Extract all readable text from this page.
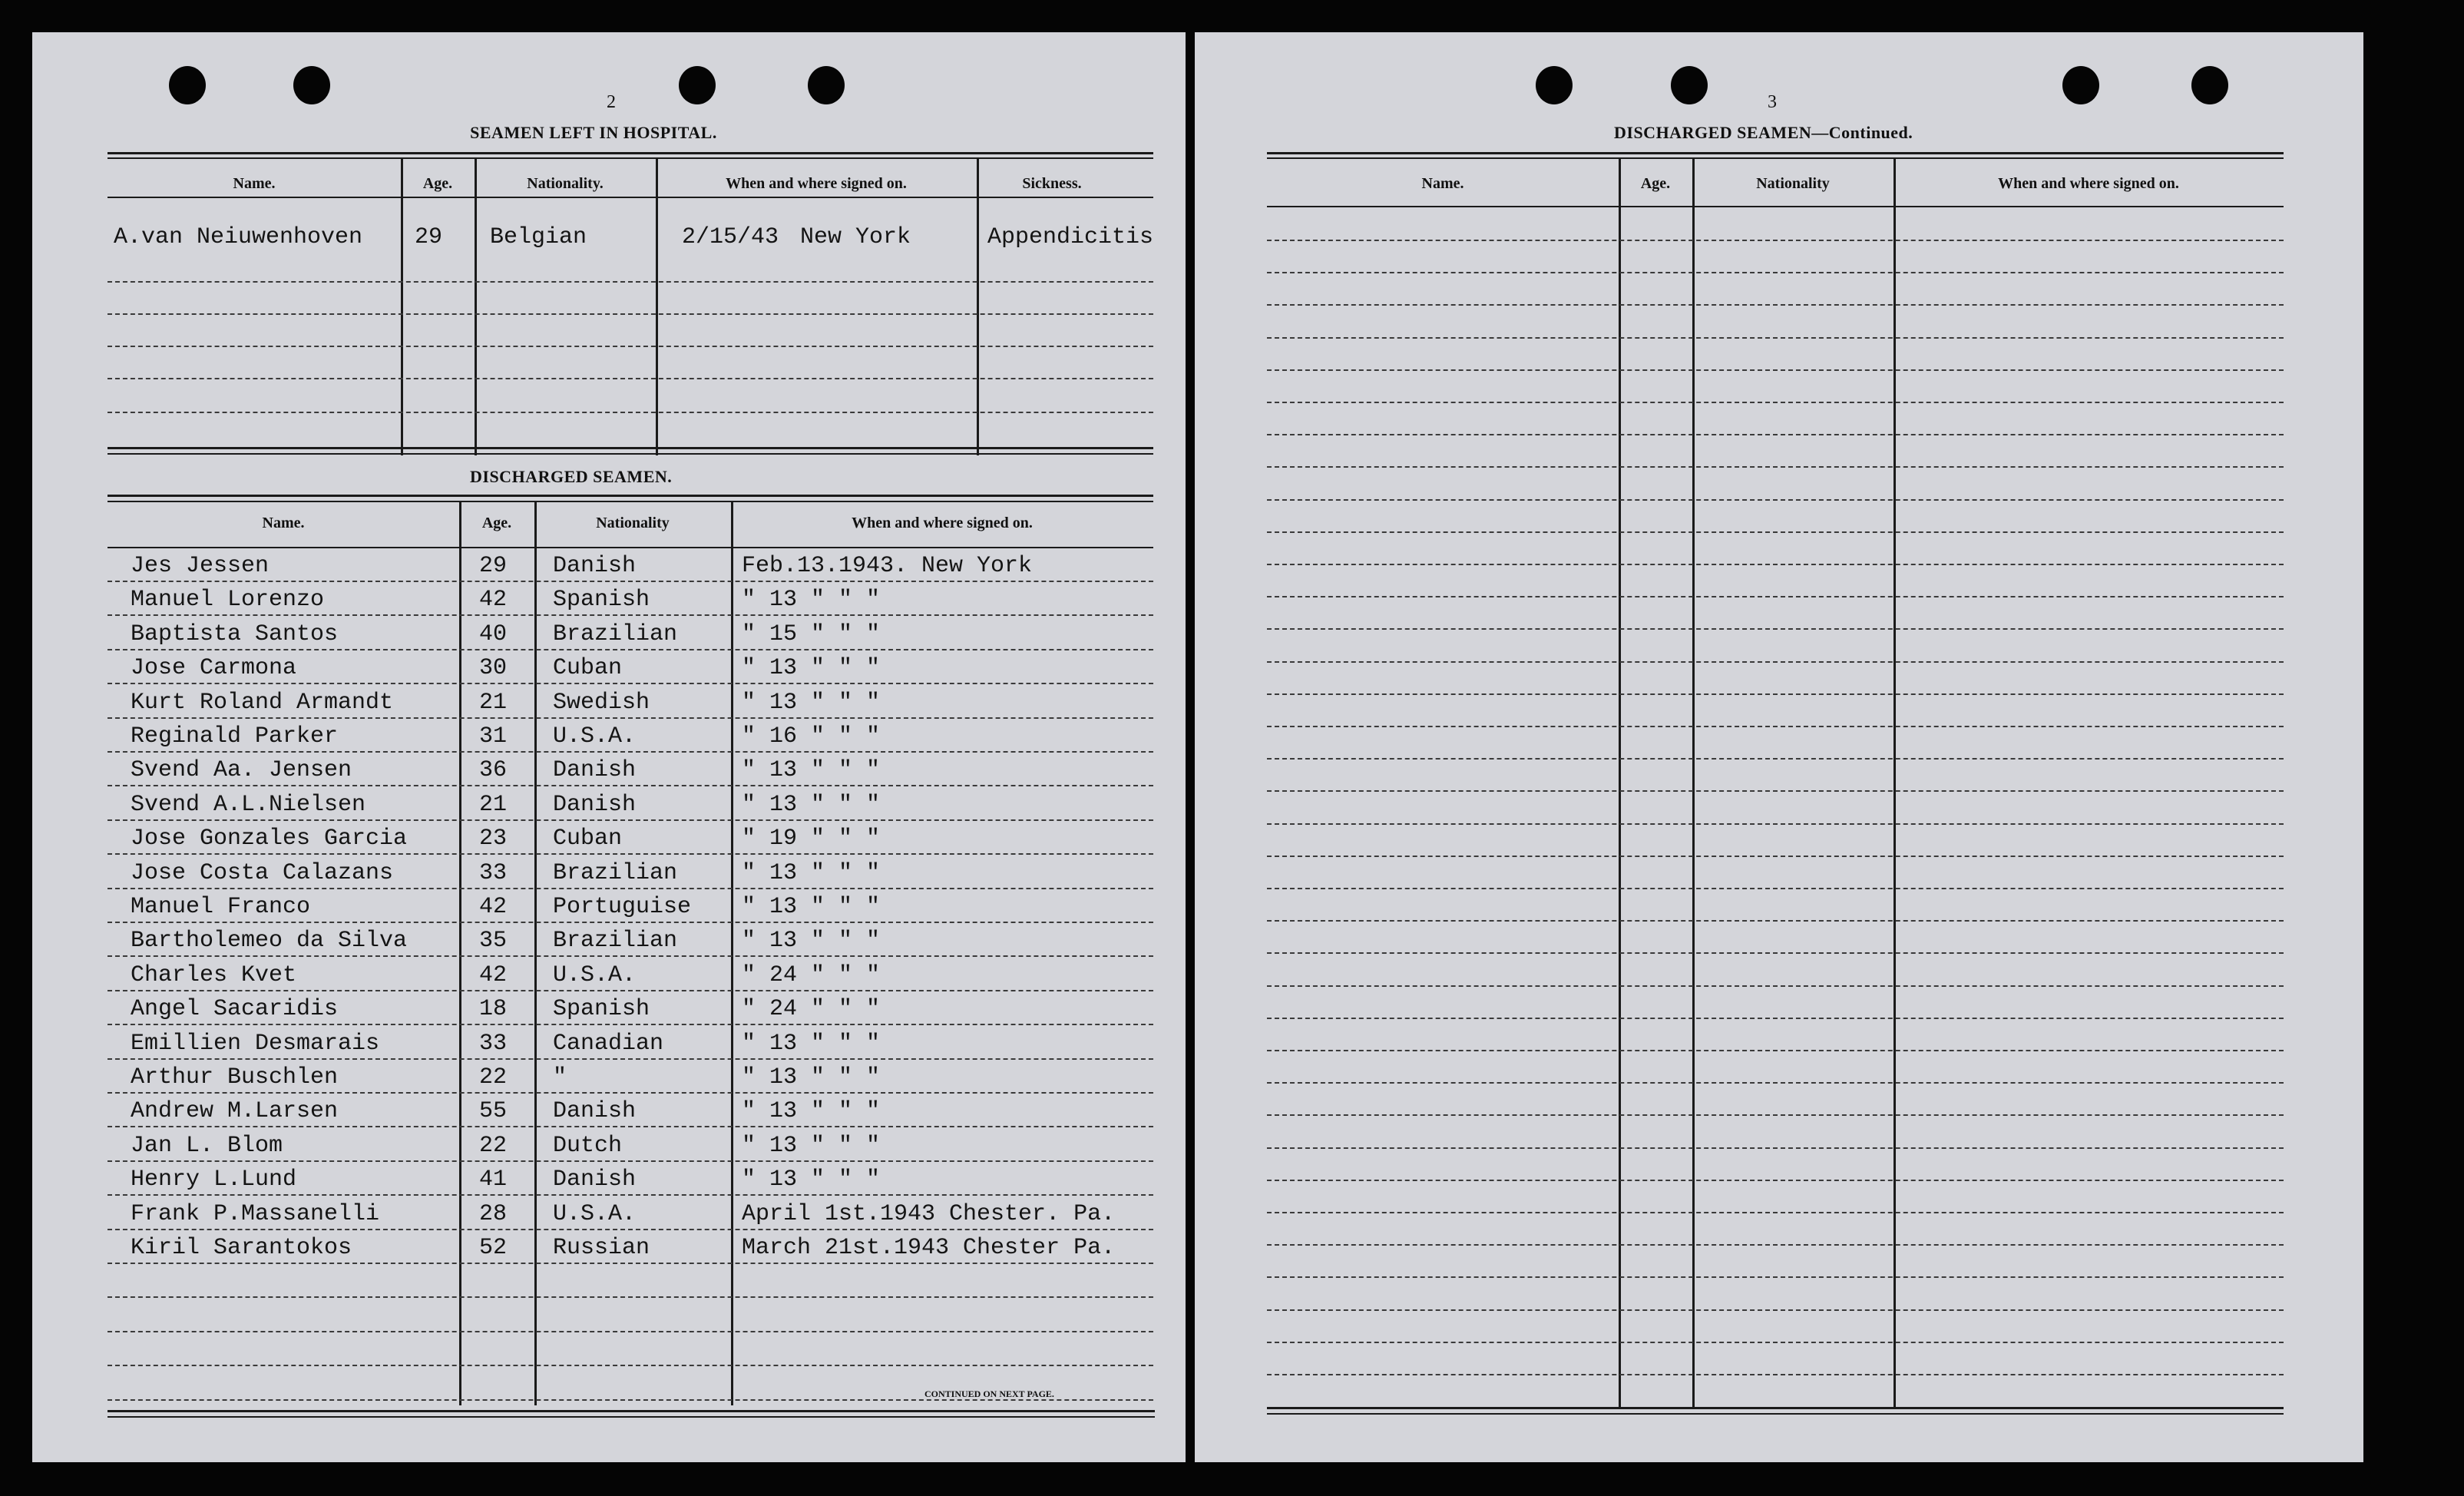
2
SEAMEN LEFT IN HOSPITAL.
Name.	Age.	Nationality.	When and where signed on.	Sickness.
A.van Neiuwenhoven 29 Belgian	2/15/43 New York	Appendicitis
DISCHARGED SEAMEN.
Name.	Age.	Nationality	When and where signed on.
Jes Jessen	29 Danish	Feb.13.1943. New York
Manuel Lorenzo	42 Spanish	" 13 " " "
Baptista Santos	40 Brazilian	" 15 " " "
Jose Carmona	30 Cuban	" 13 " " "
Kurt Roland Armandt	21 Swedish	" 13 " " "
Reginald Parker	31 U.S.A.	" 16 " " "
Svend Aa. Jensen	36 Danish	" 13 " " "
Svend A.L.Nielsen	21 Danish	" 13 " " "
Jose Gonzales Garcia	23 Cuban	" 19 " " "
Jose Costa Calazans	33 Brazilian	" 13 " " "
Manuel Franco	42 Portuguise " 13 " " "
Bartholemeo da Silva	35 Brazilian	" 13 " " "
Charles Kvet	42 U.S.A.	" 24 " " "
Angel Sacaridis	18 Spanish	" 24 " " "
Emillien Desmarais	33 Canadian	" 13 " " "
Arthur Buschlen	22 "	" 13 " " "
Andrew M.Larsen	55 Danish	" 13 " " "
Jan L. Blom	22 Dutch	" 13 " " "
Henry L.Lund	41 Danish	" 13 " " "
Frank P.Massanelli	28 U.S.A.	April 1st.1943 Chester. Pa.
Kiril Sarantokos	52 Russian	March 21st.1943 Chester Pa.
CONTINUED ON NEXT PAGE.
3
DISCHARGED SEAMEN—Continued.
Name.	Age.	Nationality	When and where signed on.
